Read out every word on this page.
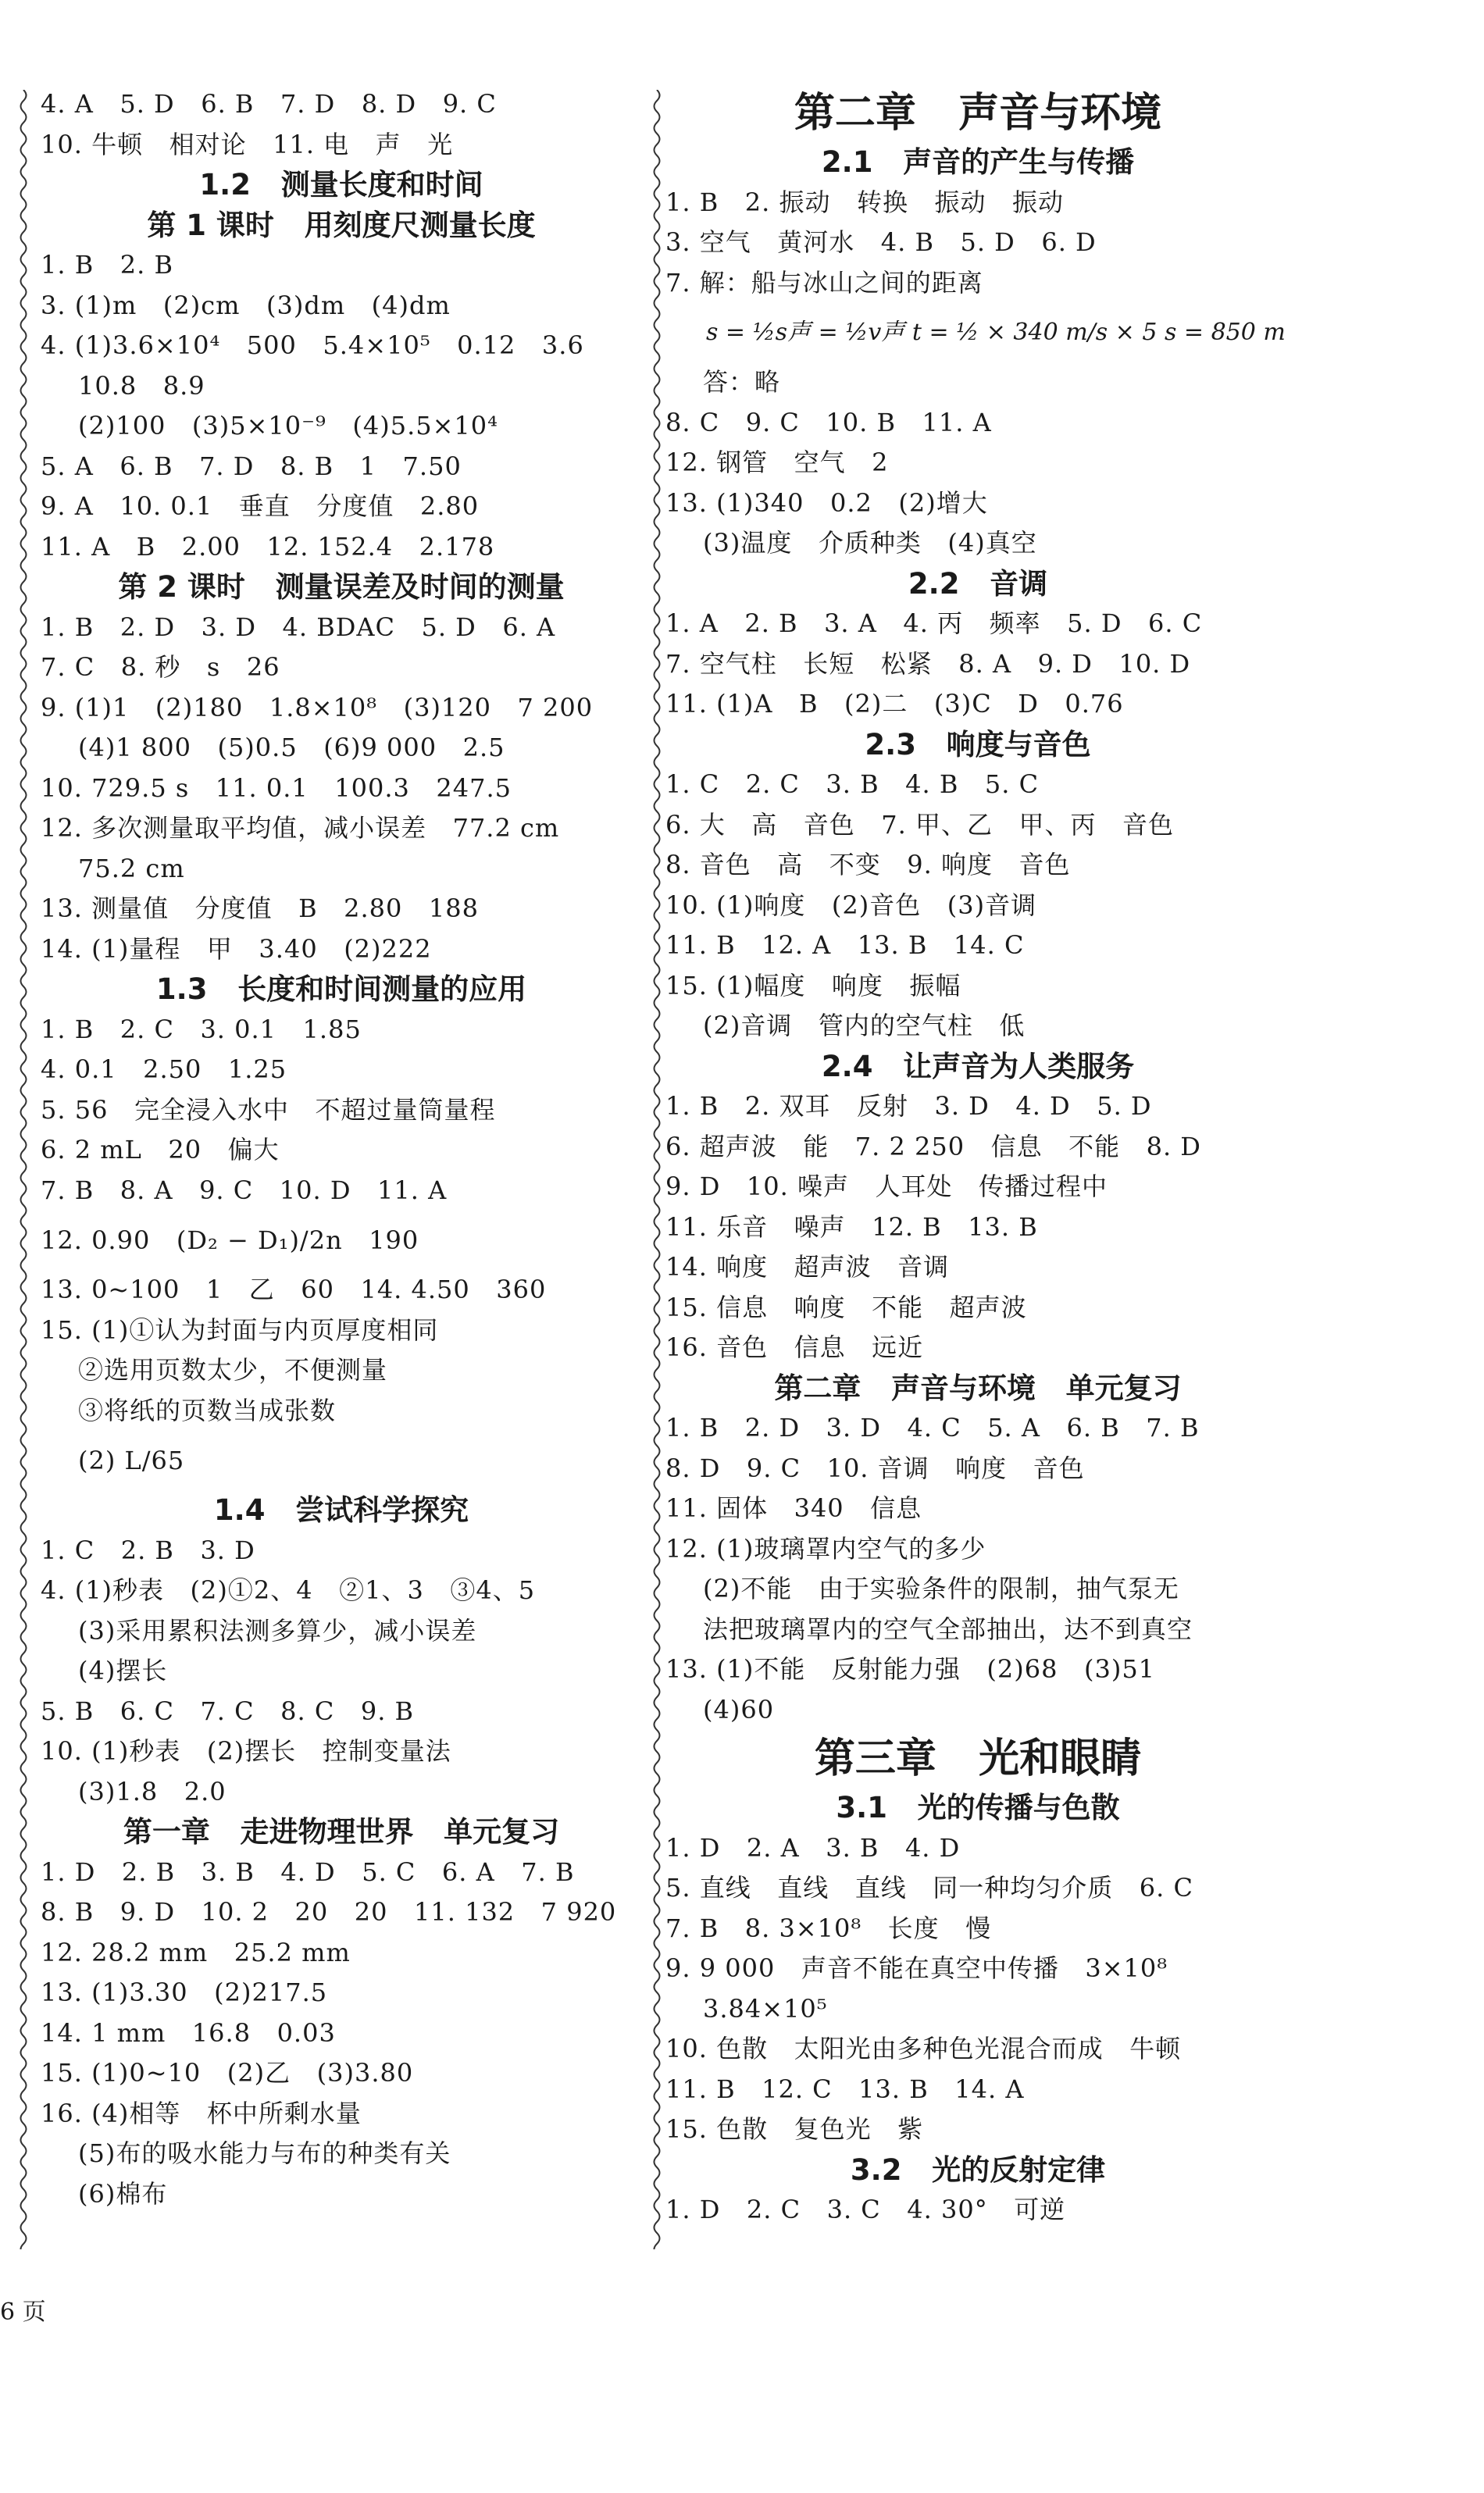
4. A   5. D   6. B   7. D   8. D   9. C
10. 牛顿   相对论   11. 电   声   光
1.2   测量长度和时间
第 1 课时   用刻度尺测量长度
1. B   2. B
3. (1)m   (2)cm   (3)dm   (4)dm
4. (1)3.6×10⁴   500   5.4×10⁵   0.12   3.6
10.8   8.9
(2)100   (3)5×10⁻⁹   (4)5.5×10⁴
5. A   6. B   7. D   8. B   1   7.50
9. A   10. 0.1   垂直   分度值   2.80
11. A   B   2.00   12. 152.4   2.178
第 2 课时   测量误差及时间的测量
1. B   2. D   3. D   4. BDAC   5. D   6. A
7. C   8. 秒   s   26
9. (1)1   (2)180   1.8×10⁸   (3)120   7 200
(4)1 800   (5)0.5   (6)9 000   2.5
10. 729.5 s   11. 0.1   100.3   247.5
12. 多次测量取平均值，减小误差   77.2 cm
75.2 cm
13. 测量值   分度值   B   2.80   188
14. (1)量程   甲   3.40   (2)222
1.3   长度和时间测量的应用
1. B   2. C   3. 0.1   1.85
4. 0.1   2.50   1.25
5. 56   完全浸入水中   不超过量筒量程
6. 2 mL   20   偏大
7. B   8. A   9. C   10. D   11. A
12. 0.90   (D₂ − D₁)/2n   190
13. 0~100   1   乙   60   14. 4.50   360
15. (1)①认为封面与内页厚度相同
②选用页数太少，不便测量
③将纸的页数当成张数
(2) L/65
1.4   尝试科学探究
1. C   2. B   3. D
4. (1)秒表   (2)①2、4   ②1、3   ③4、5
(3)采用累积法测多算少，减小误差
(4)摆长
5. B   6. C   7. C   8. C   9. B
10. (1)秒表   (2)摆长   控制变量法
(3)1.8   2.0
第一章   走进物理世界   单元复习
1. D   2. B   3. B   4. D   5. C   6. A   7. B
8. B   9. D   10. 2   20   20   11. 132   7 920
12. 28.2 mm   25.2 mm
13. (1)3.30   (2)217.5
14. 1 mm   16.8   0.03
15. (1)0~10   (2)乙   (3)3.80
16. (4)相等   杯中所剩水量
(5)布的吸水能力与布的种类有关
(6)棉布
第二章   声音与环境
2.1   声音的产生与传播
1. B   2. 振动   转换   振动   振动
3. 空气   黄河水   4. B   5. D   6. D
7. 解：船与冰山之间的距离
s = ½s声 = ½v声 t = ½ × 340 m/s × 5 s = 850 m
答：略
8. C   9. C   10. B   11. A
12. 钢管   空气   2
13. (1)340   0.2   (2)增大
(3)温度   介质种类   (4)真空
2.2   音调
1. A   2. B   3. A   4. 丙   频率   5. D   6. C
7. 空气柱   长短   松紧   8. A   9. D   10. D
11. (1)A   B   (2)二   (3)C   D   0.76
2.3   响度与音色
1. C   2. C   3. B   4. B   5. C
6. 大   高   音色   7. 甲、乙   甲、丙   音色
8. 音色   高   不变   9. 响度   音色
10. (1)响度   (2)音色   (3)音调
11. B   12. A   13. B   14. C
15. (1)幅度   响度   振幅
(2)音调   管内的空气柱   低
2.4   让声音为人类服务
1. B   2. 双耳   反射   3. D   4. D   5. D
6. 超声波   能   7. 2 250   信息   不能   8. D
9. D   10. 噪声   人耳处   传播过程中
11. 乐音   噪声   12. B   13. B
14. 响度   超声波   音调
15. 信息   响度   不能   超声波
16. 音色   信息   远近
第二章   声音与环境   单元复习
1. B   2. D   3. D   4. C   5. A   6. B   7. B
8. D   9. C   10. 音调   响度   音色
11. 固体   340   信息
12. (1)玻璃罩内空气的多少
(2)不能   由于实验条件的限制，抽气泵无
法把玻璃罩内的空气全部抽出，达不到真空
13. (1)不能   反射能力强   (2)68   (3)51
(4)60
第三章   光和眼睛
3.1   光的传播与色散
1. D   2. A   3. B   4. D
5. 直线   直线   直线   同一种均匀介质   6. C
7. B   8. 3×10⁸   长度   慢
9. 9 000   声音不能在真空中传播   3×10⁸
3.84×10⁵
10. 色散   太阳光由多种色光混合而成   牛顿
11. B   12. C   13. B   14. A
15. 色散   复色光   紫
3.2   光的反射定律
1. D   2. C   3. C   4. 30°   可逆
6 页
